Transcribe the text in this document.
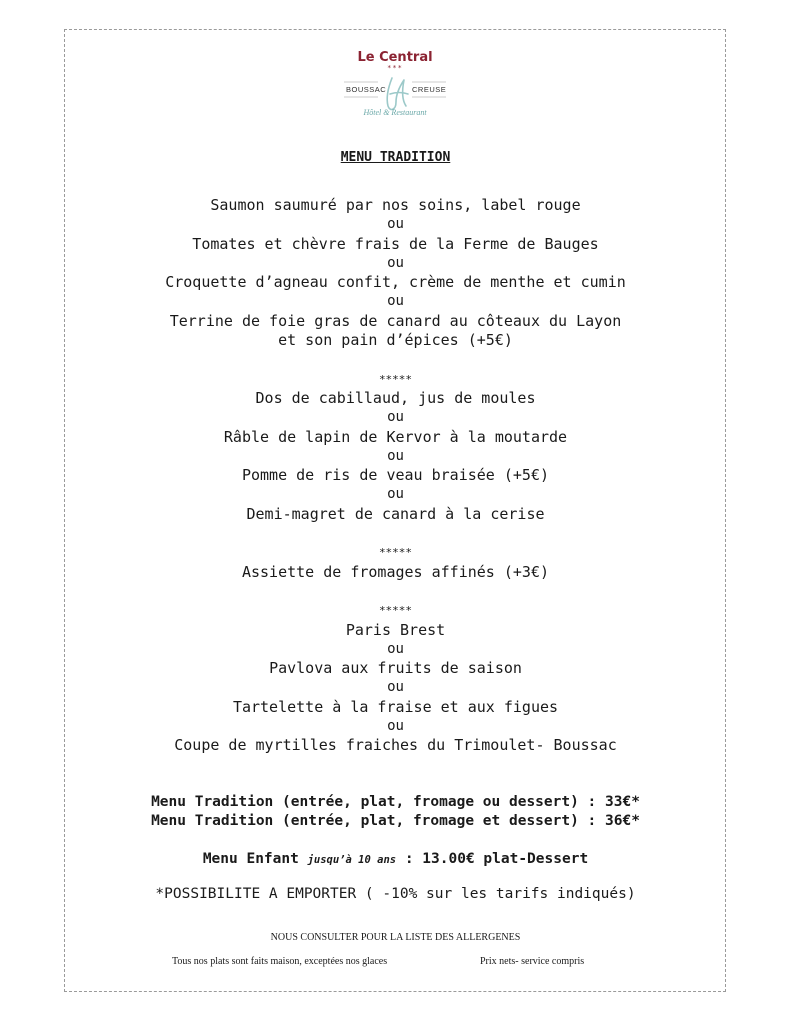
Le Central
***
BOUSSAC	CREUSE
Hôtel & Restaurant
MENU TRADITION
Saumon saumuré par nos soins, label rouge
ou
Tomates et chèvre frais de la Ferme de Bauges
ou
Croquette d’agneau confit, crème de menthe et cumin
ou
Terrine de foie gras de canard au côteaux du Layon
et son pain d’épices (+5€)
*****
Dos de cabillaud, jus de moules
ou
Râble de lapin de Kervor à la moutarde
ou
Pomme de ris de veau braisée (+5€)
ou
Demi-magret de canard à la cerise
*****
Assiette de fromages affinés (+3€)
*****
Paris Brest
ou
Pavlova aux fruits de saison
ou
Tartelette à la fraise et aux figues
ou
Coupe de myrtilles fraiches du Trimoulet- Boussac
Menu Tradition (entrée, plat, fromage ou dessert) : 33€*
Menu Tradition (entrée, plat, fromage et dessert) : 36€*
Menu Enfant jusqu’à 10 ans : 13.00€ plat-Dessert
*POSSIBILITE A EMPORTER ( -10% sur les tarifs indiqués)
NOUS CONSULTER POUR LA LISTE DES ALLERGENES
Tous nos plats sont faits maison, exceptées nos glaces	Prix nets- service compris
